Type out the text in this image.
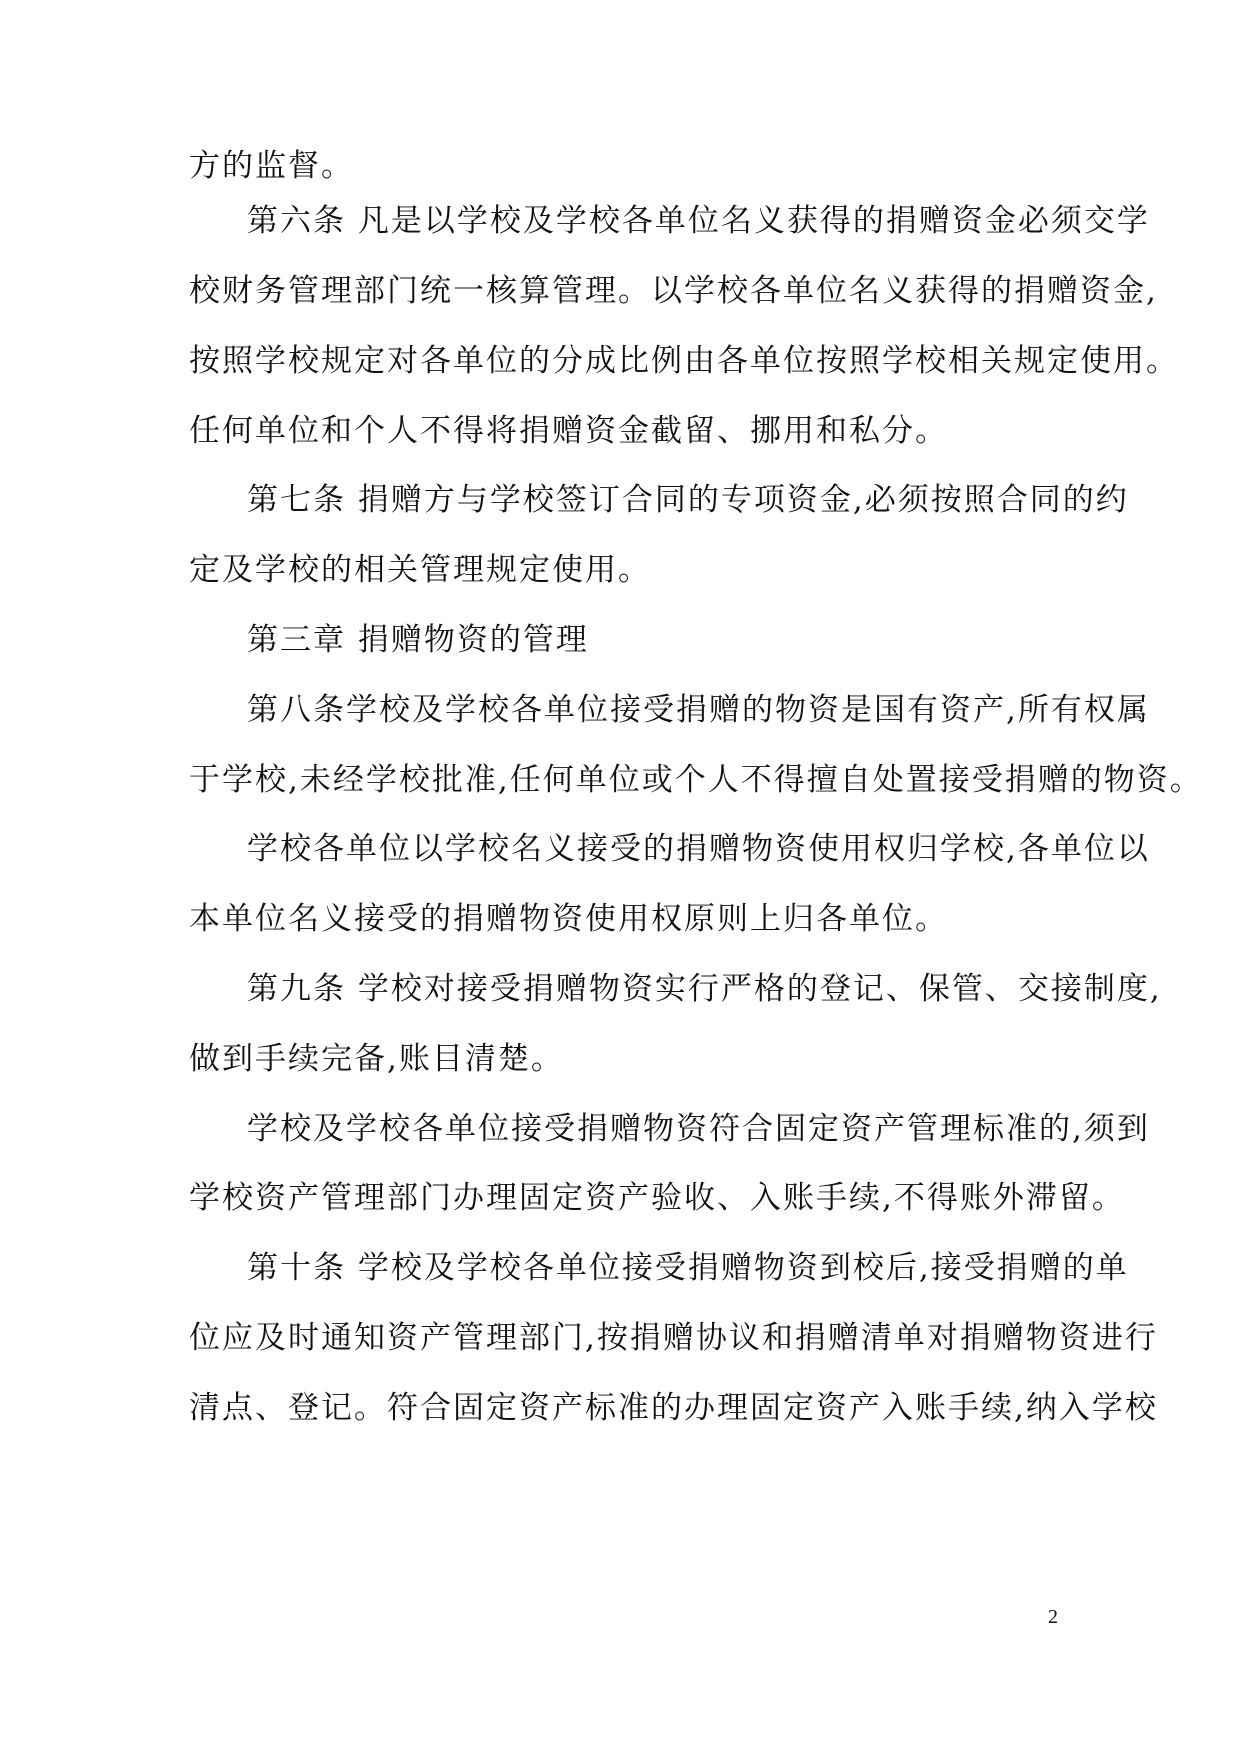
方的监督。
第六条 凡是以学校及学校各单位名义获得的捐赠资金必须交学
校财务管理部门统一核算管理。以学校各单位名义获得的捐赠资金,
按照学校规定对各单位的分成比例由各单位按照学校相关规定使用。
任何单位和个人不得将捐赠资金截留、挪用和私分。
第七条 捐赠方与学校签订合同的专项资金,必须按照合同的约
定及学校的相关管理规定使用。
第三章 捐赠物资的管理
第八条学校及学校各单位接受捐赠的物资是国有资产,所有权属
于学校,未经学校批准,任何单位或个人不得擅自处置接受捐赠的物资。
学校各单位以学校名义接受的捐赠物资使用权归学校,各单位以
本单位名义接受的捐赠物资使用权原则上归各单位。
第九条 学校对接受捐赠物资实行严格的登记、保管、交接制度,
做到手续完备,账目清楚。
学校及学校各单位接受捐赠物资符合固定资产管理标准的,须到
学校资产管理部门办理固定资产验收、入账手续,不得账外滞留。
第十条 学校及学校各单位接受捐赠物资到校后,接受捐赠的单
位应及时通知资产管理部门,按捐赠协议和捐赠清单对捐赠物资进行
清点、登记。符合固定资产标准的办理固定资产入账手续,纳入学校
2
